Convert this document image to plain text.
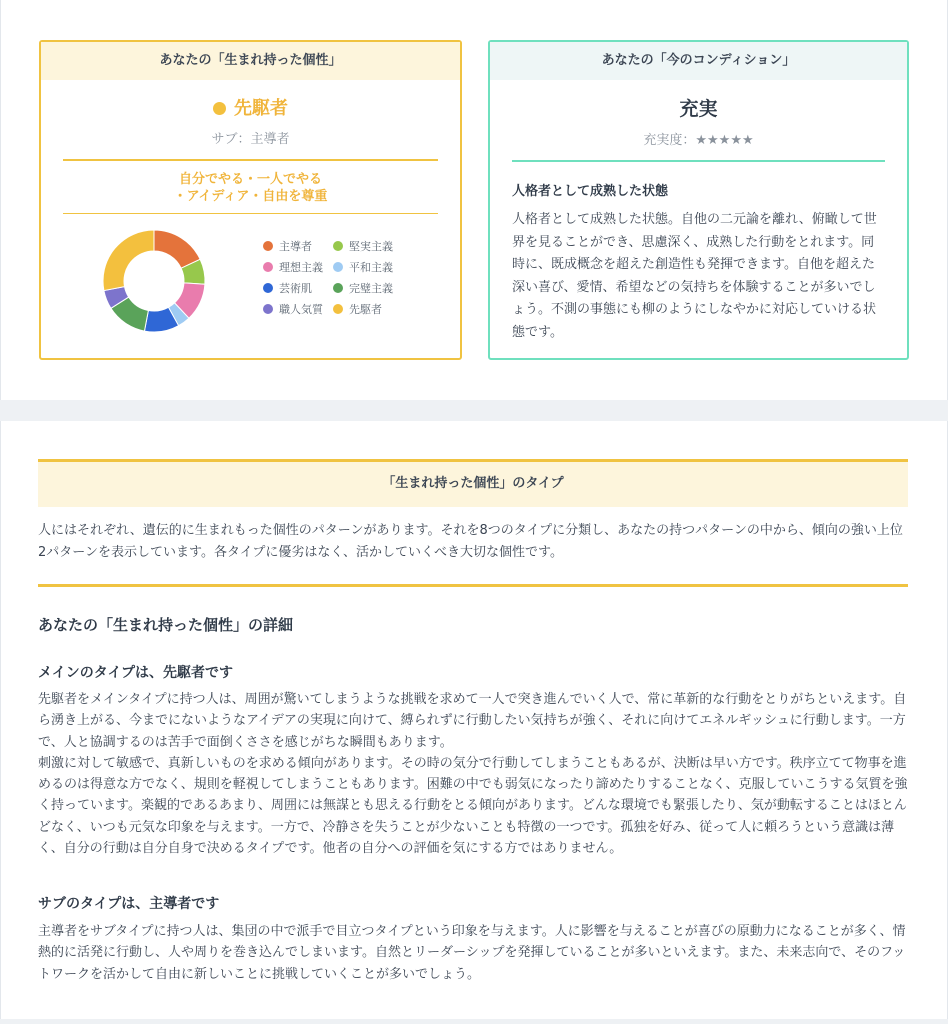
あなたの「生まれ持った個性」
先駆者
サブ：主導者
自分でやる・一人でやる
・アイディア・自由を尊重
主導者	堅実主義
理想主義	平和主義
芸術肌	完璧主義
職人気質	先駆者
あなたの「今のコンディション」
充実
充実度：★★★★★
人格者として成熟した状態
人格者として成熟した状態。自他の二元論を離れ、俯瞰して世界を見ることができ、思慮深く、成熟した行動をとれます。同時に、既成概念を超えた創造性も発揮できます。自他を超えた深い喜び、愛情、希望などの気持ちを体験することが多いでしょう。不測の事態にも柳のようにしなやかに対応していける状態です。
「生まれ持った個性」のタイプ
人にはそれぞれ、遺伝的に生まれもった個性のパターンがあります。それを8つのタイプに分類し、あなたの持つパターンの中から、傾向の強い上位2パターンを表示しています。各タイプに優劣はなく、活かしていくべき大切な個性です。
あなたの「生まれ持った個性」の詳細
メインのタイプは、先駆者です

先駆者をメインタイプに持つ人は、周囲が驚いてしまうような挑戦を求めて一人で突き進んでいく人で、常に革新的な行動をとりがちといえます。自ら湧き上がる、今までにないようなアイデアの実現に向けて、縛られずに行動したい気持ちが強く、それに向けてエネルギッシュに行動します。一方で、人と協調するのは苦手で面倒くささを感じがちな瞬間もあります。

刺激に対して敏感で、真新しいものを求める傾向があります。その時の気分で行動してしまうこともあるが、決断は早い方です。秩序立てて物事を進めるのは得意な方でなく、規則を軽視してしまうこともあります。困難の中でも弱気になったり諦めたりすることなく、克服していこうする気質を強く持っています。楽観的であるあまり、周囲には無謀とも思える行動をとる傾向があります。どんな環境でも緊張したり、気が動転することはほとんどなく、いつも元気な印象を与えます。一方で、冷静さを失うことが少ないことも特徴の一つです。孤独を好み、従って人に頼ろうという意識は薄く、自分の行動は自分自身で決めるタイプです。他者の自分への評価を気にする方ではありません。

サブのタイプは、主導者です

主導者をサブタイプに持つ人は、集団の中で派手で目立つタイプという印象を与えます。人に影響を与えることが喜びの原動力になることが多く、情熱的に活発に行動し、人や周りを巻き込んでしまいます。自然とリーダーシップを発揮していることが多いといえます。また、未来志向で、そのフットワークを活かして自由に新しいことに挑戦していくことが多いでしょう。
